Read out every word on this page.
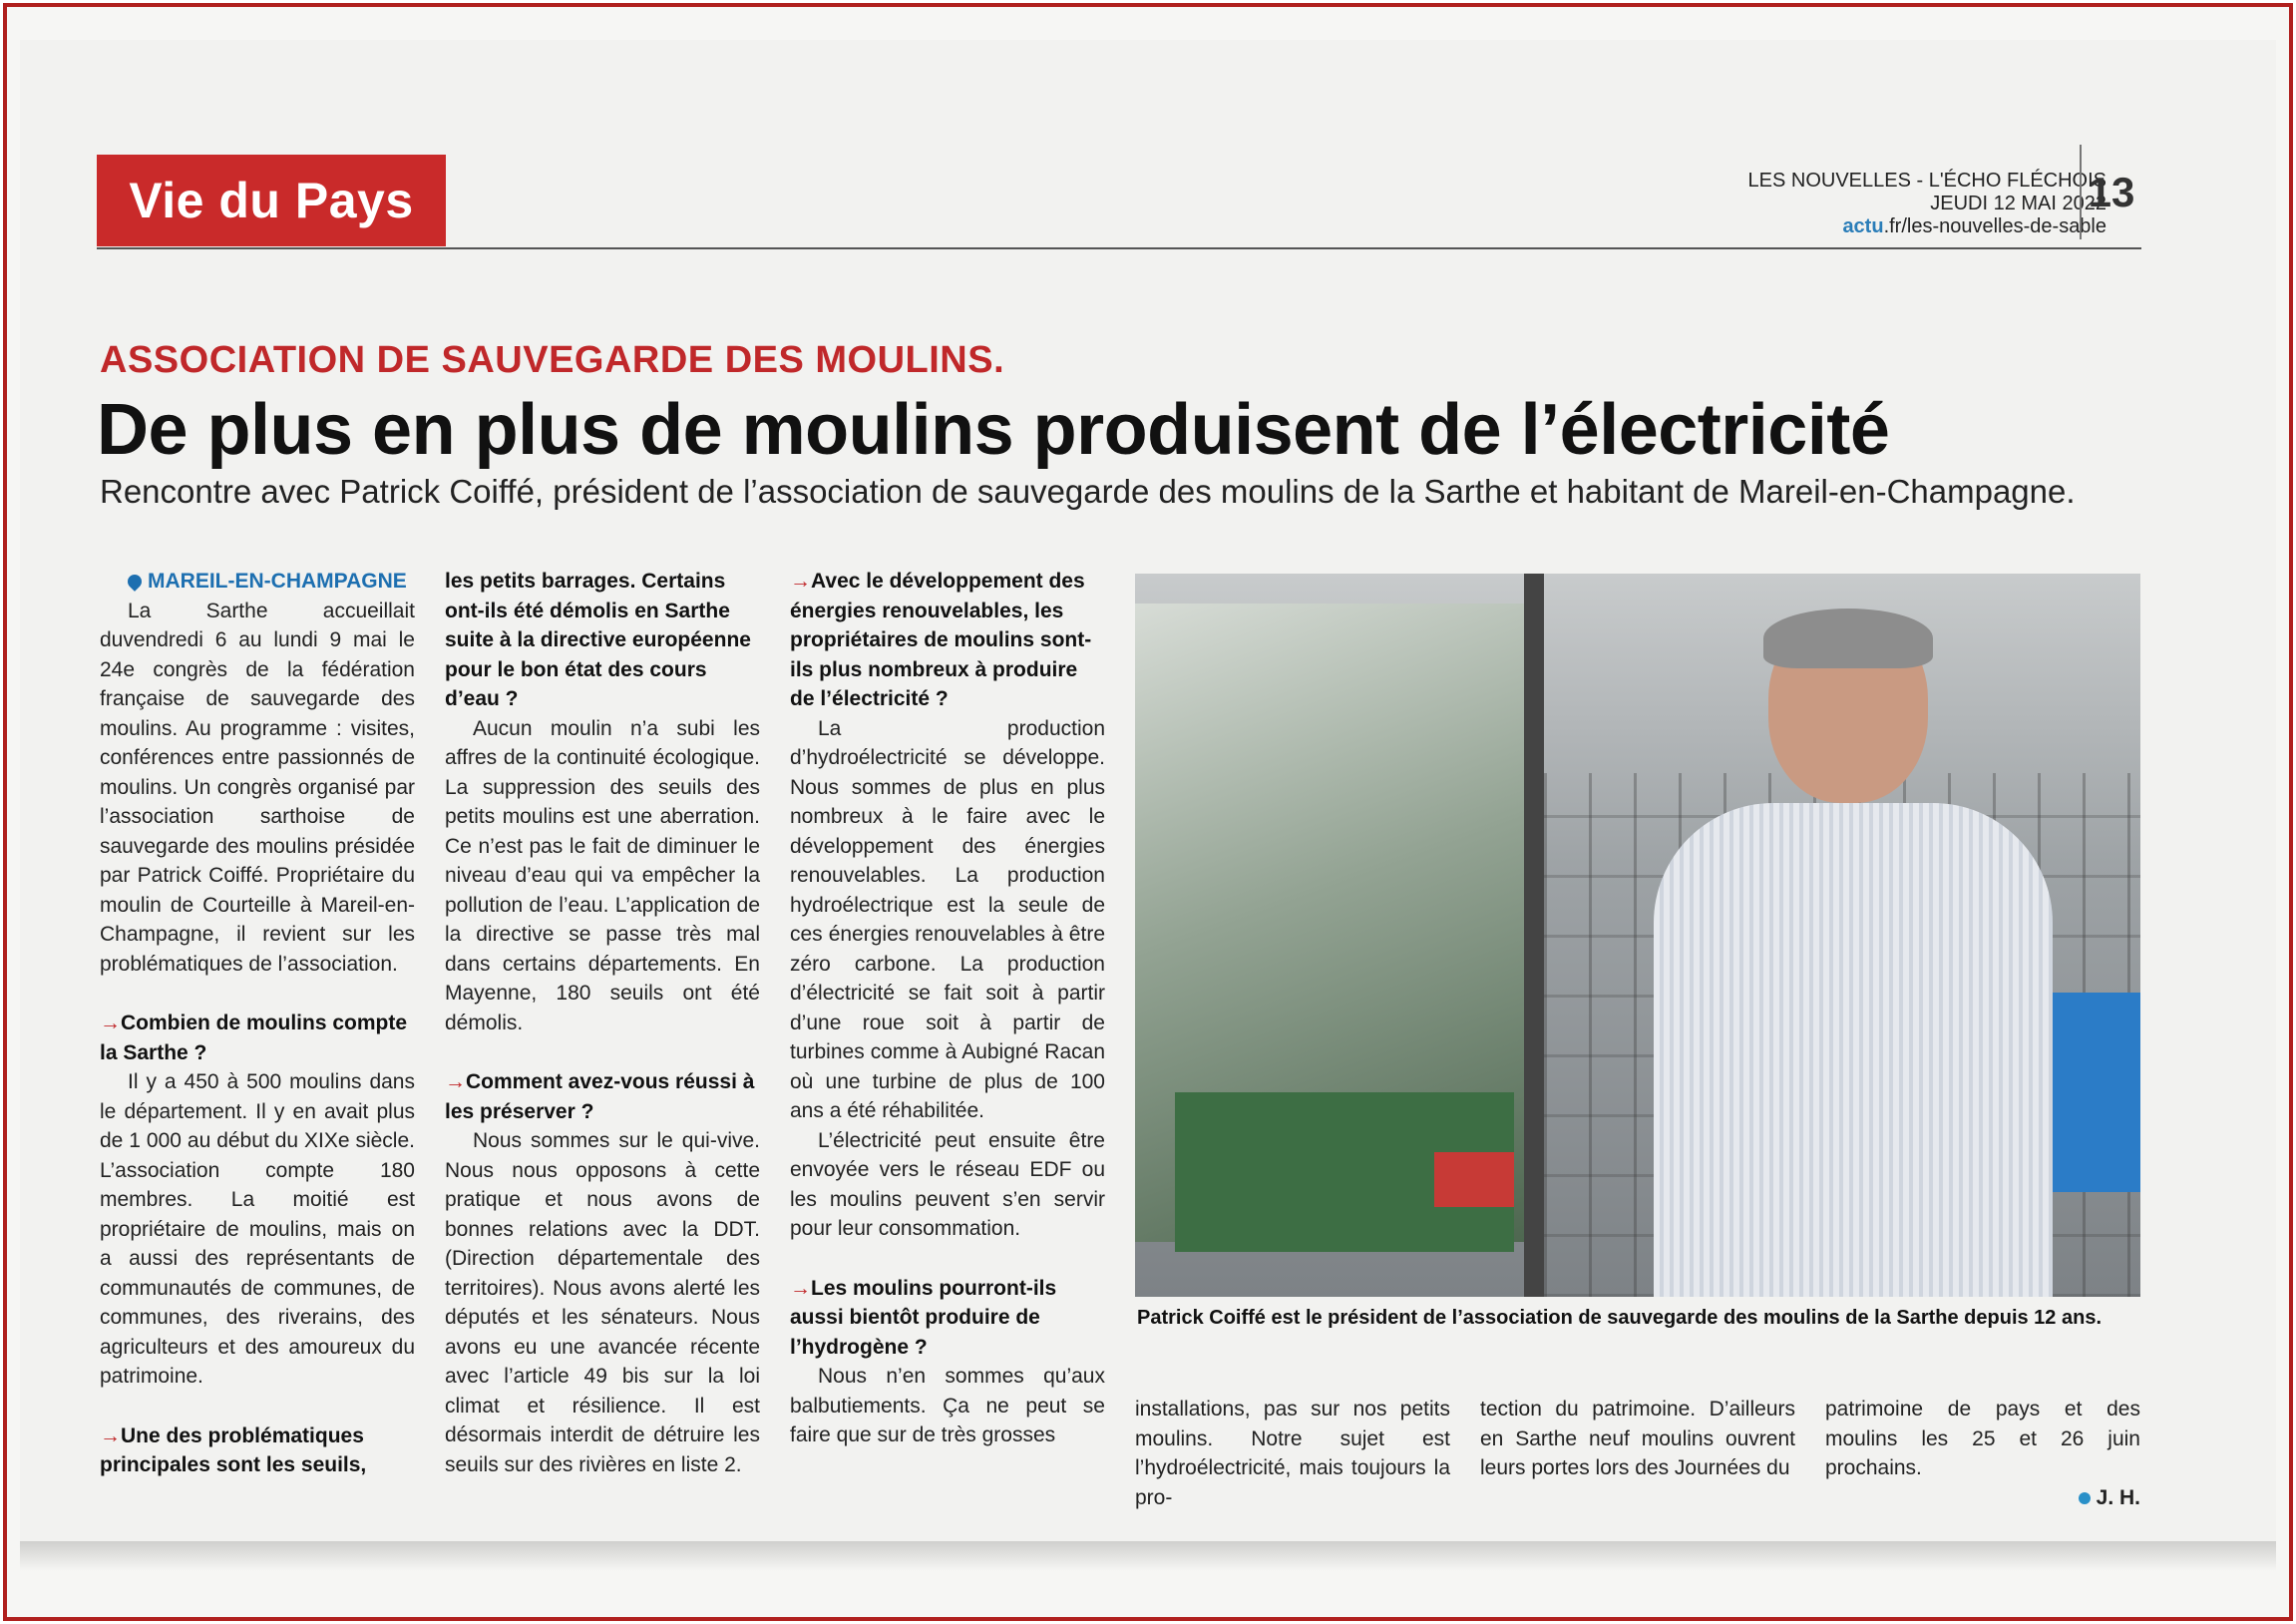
Vie du Pays	LES NOUVELLES - L'ÉCHO FLÉCHOIS
JEUDI 12 MAI 2022
actu.fr/les-nouvelles-de-sable
13
ASSOCIATION DE SAUVEGARDE DES MOULINS.
De plus en plus de moulins produisent de l’électricité
Rencontre avec Patrick Coiffé, président de l’association de sauvegarde des moulins de la Sarthe et habitant de Mareil-en-Champagne.

MAREIL-EN-CHAMPAGNE

La Sarthe accueillait duvendredi 6 au lundi 9 mai le 24e congrès de la fédération française de sauvegarde des moulins. Au programme : visites, conférences entre passionnés de moulins. Un congrès organisé par l’association sarthoise de sauvegarde des moulins présidée par Patrick Coiffé. Propriétaire du moulin de Courteille à Mareil-en-Champagne, il revient sur les problématiques de l’association.

→Combien de moulins compte la Sarthe ?

Il y a 450 à 500 moulins dans le département. Il y en avait plus de 1 000 au début du XIXe siècle. L’association compte 180 membres. La moitié est propriétaire de moulins, mais on a aussi des représentants de communautés de communes, de communes, des riverains, des agriculteurs et des amoureux du patrimoine.

→Une des problématiques principales sont les seuils,

les petits barrages. Certains ont-ils été démolis en Sarthe suite à la directive européenne pour le bon état des cours d’eau ?

Aucun moulin n’a subi les affres de la continuité écologique. La suppression des seuils des petits moulins est une aberration. Ce n’est pas le fait de diminuer le niveau d’eau qui va empêcher la pollution de l’eau. L’application de la directive se passe très mal dans certains départements. En Mayenne, 180 seuils ont été démolis.

→Comment avez-vous réussi à les préserver ?

Nous sommes sur le qui-vive. Nous nous opposons à cette pratique et nous avons de bonnes relations avec la DDT. (Direction départementale des territoires). Nous avons alerté les députés et les sénateurs. Nous avons eu une avancée récente avec l’article 49 bis sur la loi climat et résilience. Il est désormais interdit de détruire les seuils sur des rivières en liste 2.

→Avec le développement des énergies renouvelables, les propriétaires de moulins sont-ils plus nombreux à produire de l’électricité ?

La production d’hydroélectricité se développe. Nous sommes de plus en plus nombreux à le faire avec le développement des énergies renouvelables. La production hydroélectrique est la seule de ces énergies renouvelables à être zéro carbone. La production d’électricité se fait soit à partir d’une roue soit à partir de turbines comme à Aubigné Racan où une turbine de plus de 100 ans a été réhabilitée.

L’électricité peut ensuite être envoyée vers le réseau EDF ou les moulins peuvent s’en servir pour leur consommation.

→Les moulins pourront-ils aussi bientôt produire de l’hydrogène ?

Nous n’en sommes qu’aux balbutiements. Ça ne peut se faire que sur de très grosses

Patrick Coiffé est le président de l’association de sauvegarde des moulins de la Sarthe depuis 12 ans.

installations, pas sur nos petits moulins. Notre sujet est l’hydroélectricité, mais toujours la pro-

tection du patrimoine. D’ailleurs en Sarthe neuf moulins ouvrent leurs portes lors des Journées du

patrimoine de pays et des moulins les 25 et 26 juin prochains.

J. H.
